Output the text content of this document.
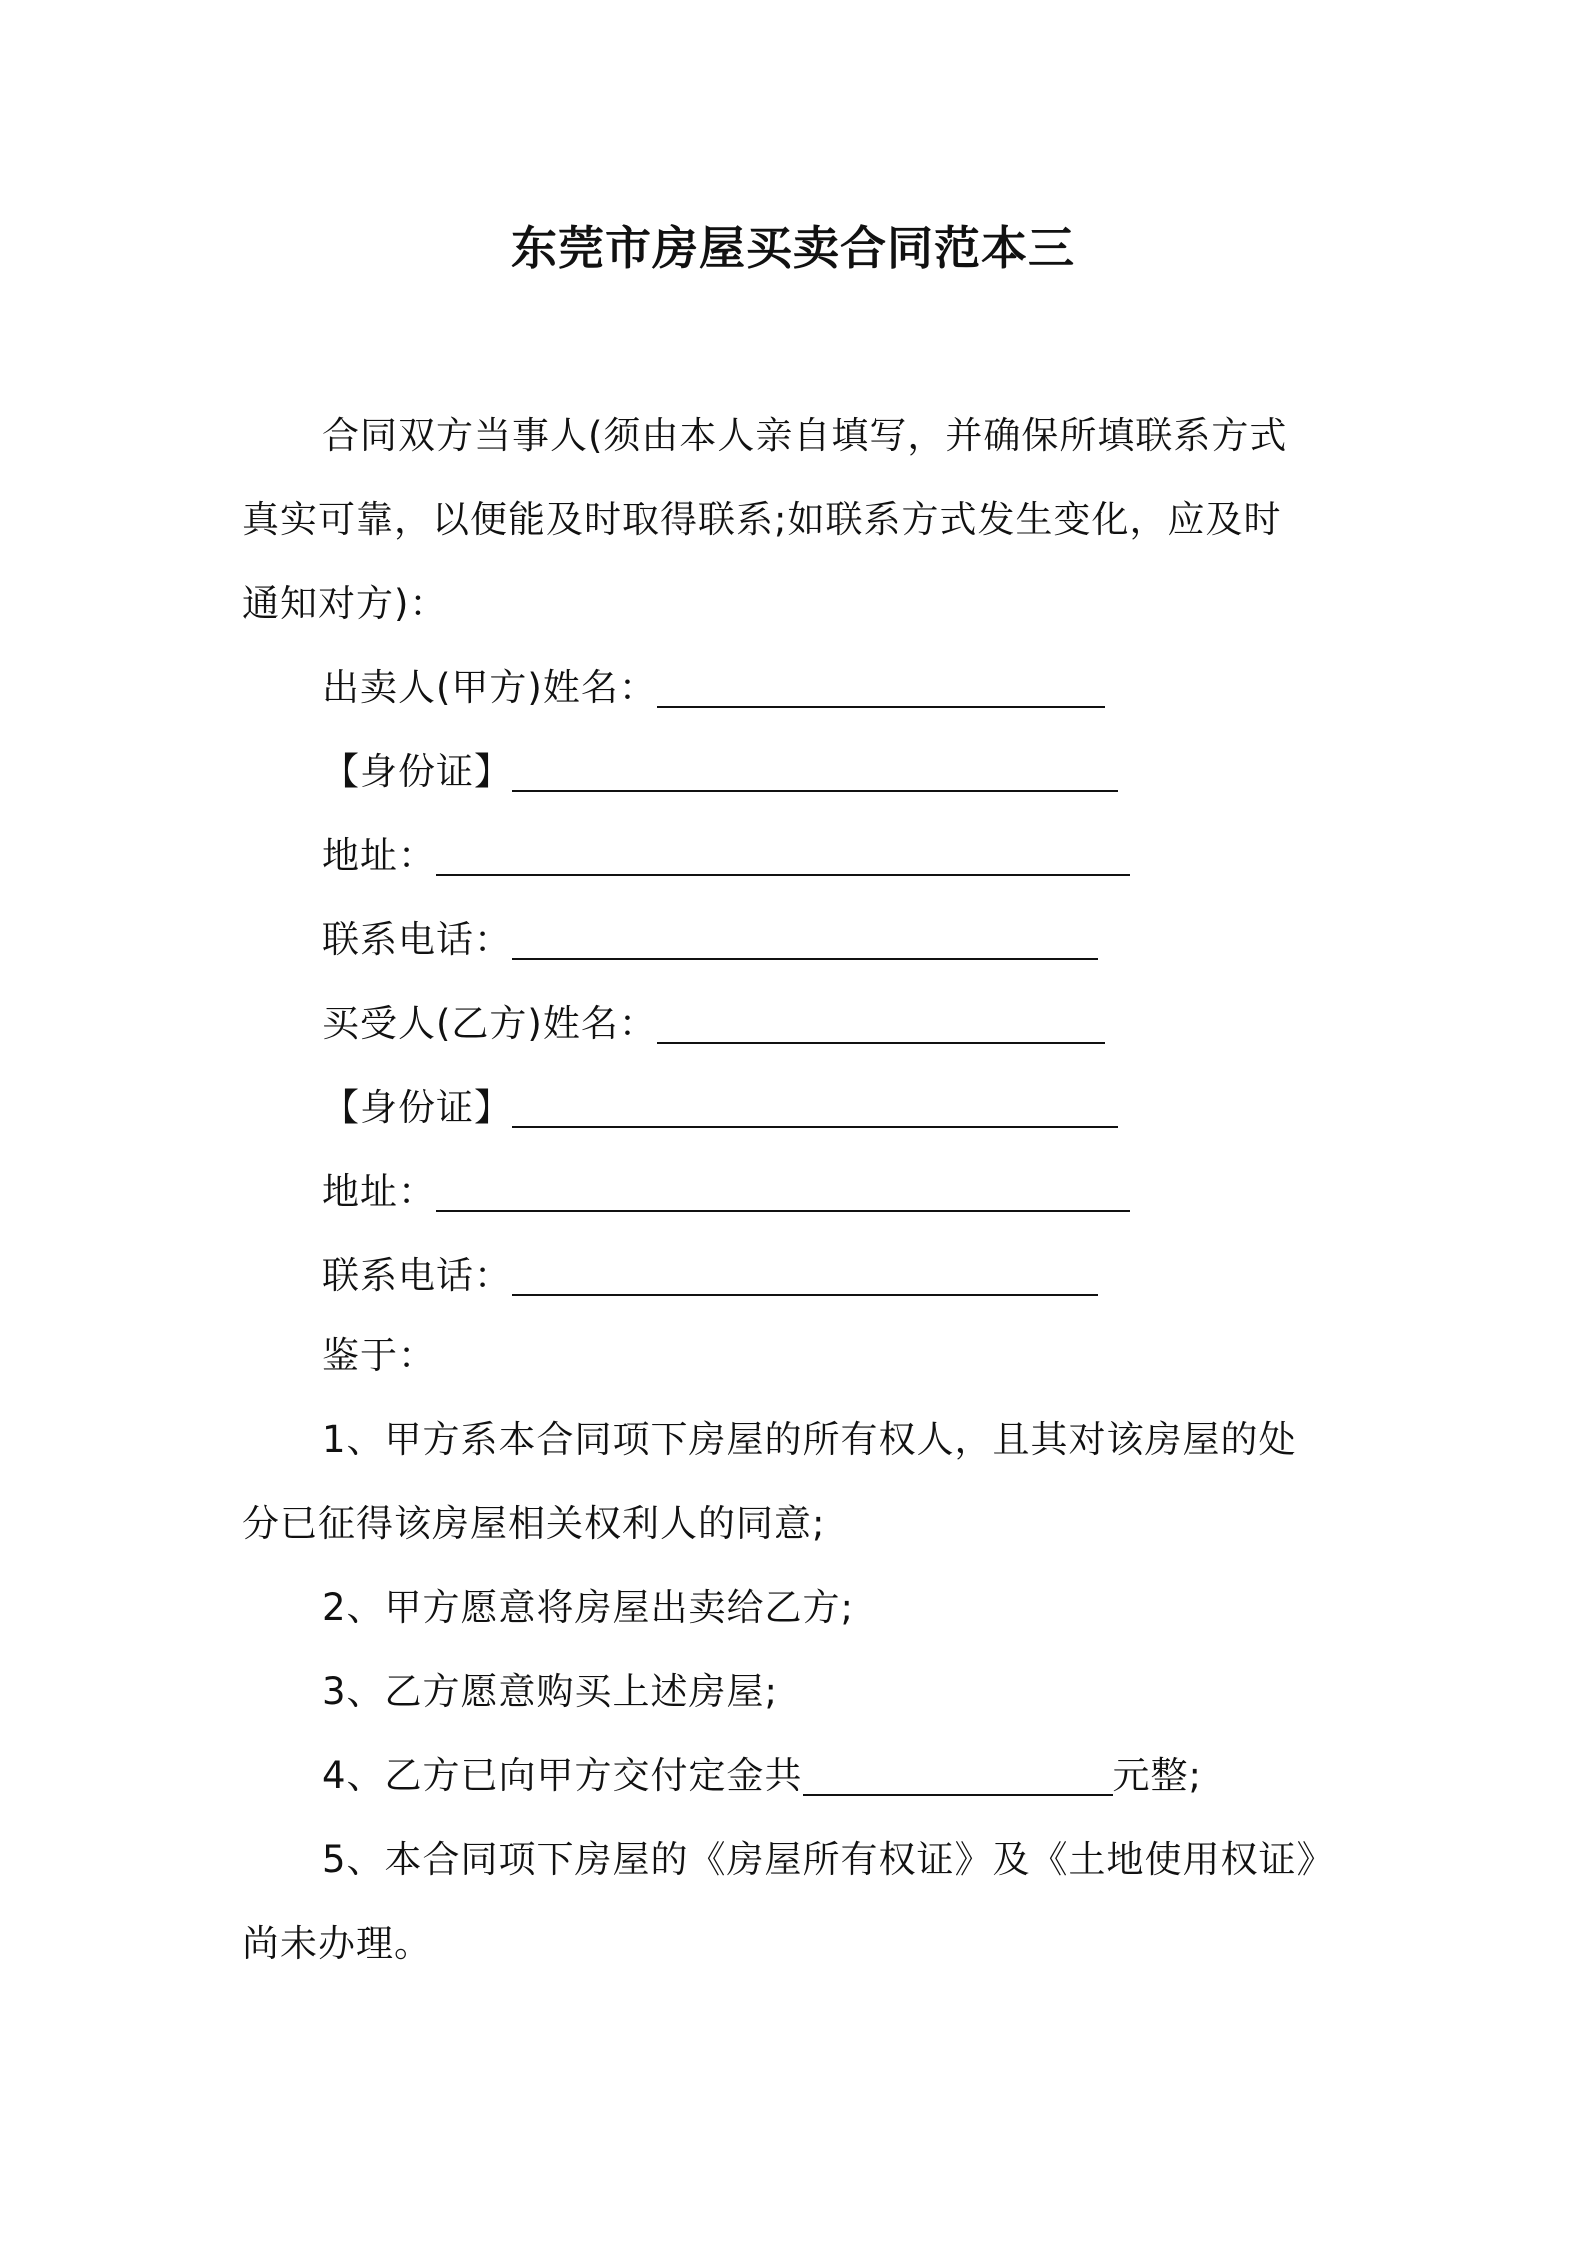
东莞市房屋买卖合同范本三
合同双方当事人(须由本人亲自填写，并确保所填联系方式
真实可靠，以便能及时取得联系;如联系方式发生变化，应及时
通知对方)：
出卖人(甲方)姓名：
【身份证】
地址：
联系电话：
买受人(乙方)姓名：
【身份证】
地址：
联系电话：
鉴于：
1、甲方系本合同项下房屋的所有权人，且其对该房屋的处
分已征得该房屋相关权利人的同意;
2、甲方愿意将房屋出卖给乙方;
3、乙方愿意购买上述房屋;
4、乙方已向甲方交付定金共	元整;
5、本合同项下房屋的《房屋所有权证》及《土地使用权证》
尚未办理。
